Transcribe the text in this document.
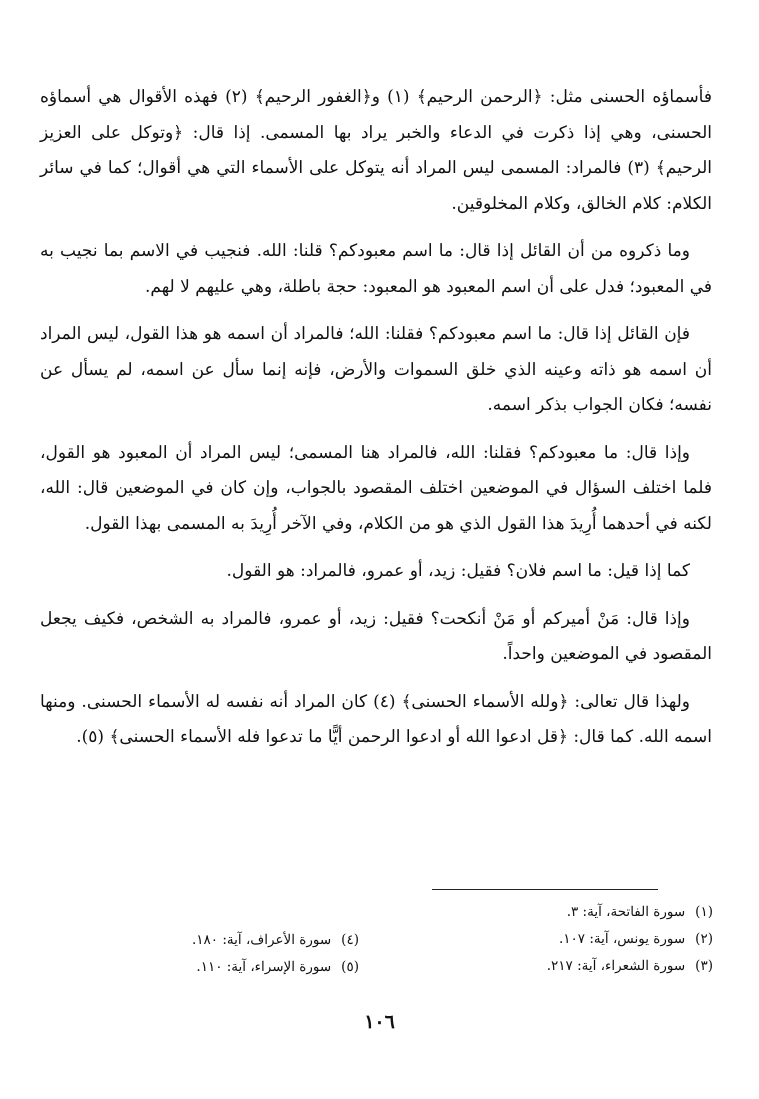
فأسماؤه الحسنى مثل: ﴿الرحمن الرحيم﴾ (١) و﴿الغفور الرحيم﴾ (٢) فهذه الأقوال هي أسماؤه الحسنى، وهي إذا ذكرت في الدعاء والخبر يراد بها المسمى. إذا قال: ﴿وتوكل على العزيز الرحيم﴾ (٣) فالمراد: المسمى ليس المراد أنه يتوكل على الأسماء التي هي أقوال؛ كما في سائر الكلام: كلام الخالق، وكلام المخلوقين.

وما ذكروه من أن القائل إذا قال: ما اسم معبودكم؟ قلنا: الله. فنجيب في الاسم بما نجيب به في المعبود؛ فدل على أن اسم المعبود هو المعبود: حجة باطلة، وهي عليهم لا لهم.

فإن القائل إذا قال: ما اسم معبودكم؟ فقلنا: الله؛ فالمراد أن اسمه هو هذا القول، ليس المراد أن اسمه هو ذاته وعينه الذي خلق السموات والأرض، فإنه إنما سأل عن اسمه، لم يسأل عن نفسه؛ فكان الجواب بذكر اسمه.

وإذا قال: ما معبودكم؟ فقلنا: الله، فالمراد هنا المسمى؛ ليس المراد أن المعبود هو القول، فلما اختلف السؤال في الموضعين اختلف المقصود بالجواب، وإن كان في الموضعين قال: الله، لكنه في أحدهما أُرِيدَ هذا القول الذي هو من الكلام، وفي الآخر أُرِيدَ به المسمى بهذا القول.

كما إذا قيل: ما اسم فلان؟ فقيل: زيد، أو عمرو، فالمراد: هو القول.

وإذا قال: مَنْ أميركم أو مَنْ أنكحت؟ فقيل: زيد، أو عمرو، فالمراد به الشخص، فكيف يجعل المقصود في الموضعين واحداً.

ولهذا قال تعالى: ﴿ولله الأسماء الحسنى﴾ (٤) كان المراد أنه نفسه له الأسماء الحسنى. ومنها اسمه الله. كما قال: ﴿قل ادعوا الله أو ادعوا الرحمن أيًّا ما تدعوا فله الأسماء الحسنى﴾ (٥).

(١)سورة الفاتحة، آية: ٣.
(٢)سورة يونس، آية: ١٠٧.
(٣)سورة الشعراء، آية: ٢١٧.
(٤)سورة الأعراف، آية: ١٨٠.
(٥)سورة الإسراء، آية: ١١٠.
١٠٦
